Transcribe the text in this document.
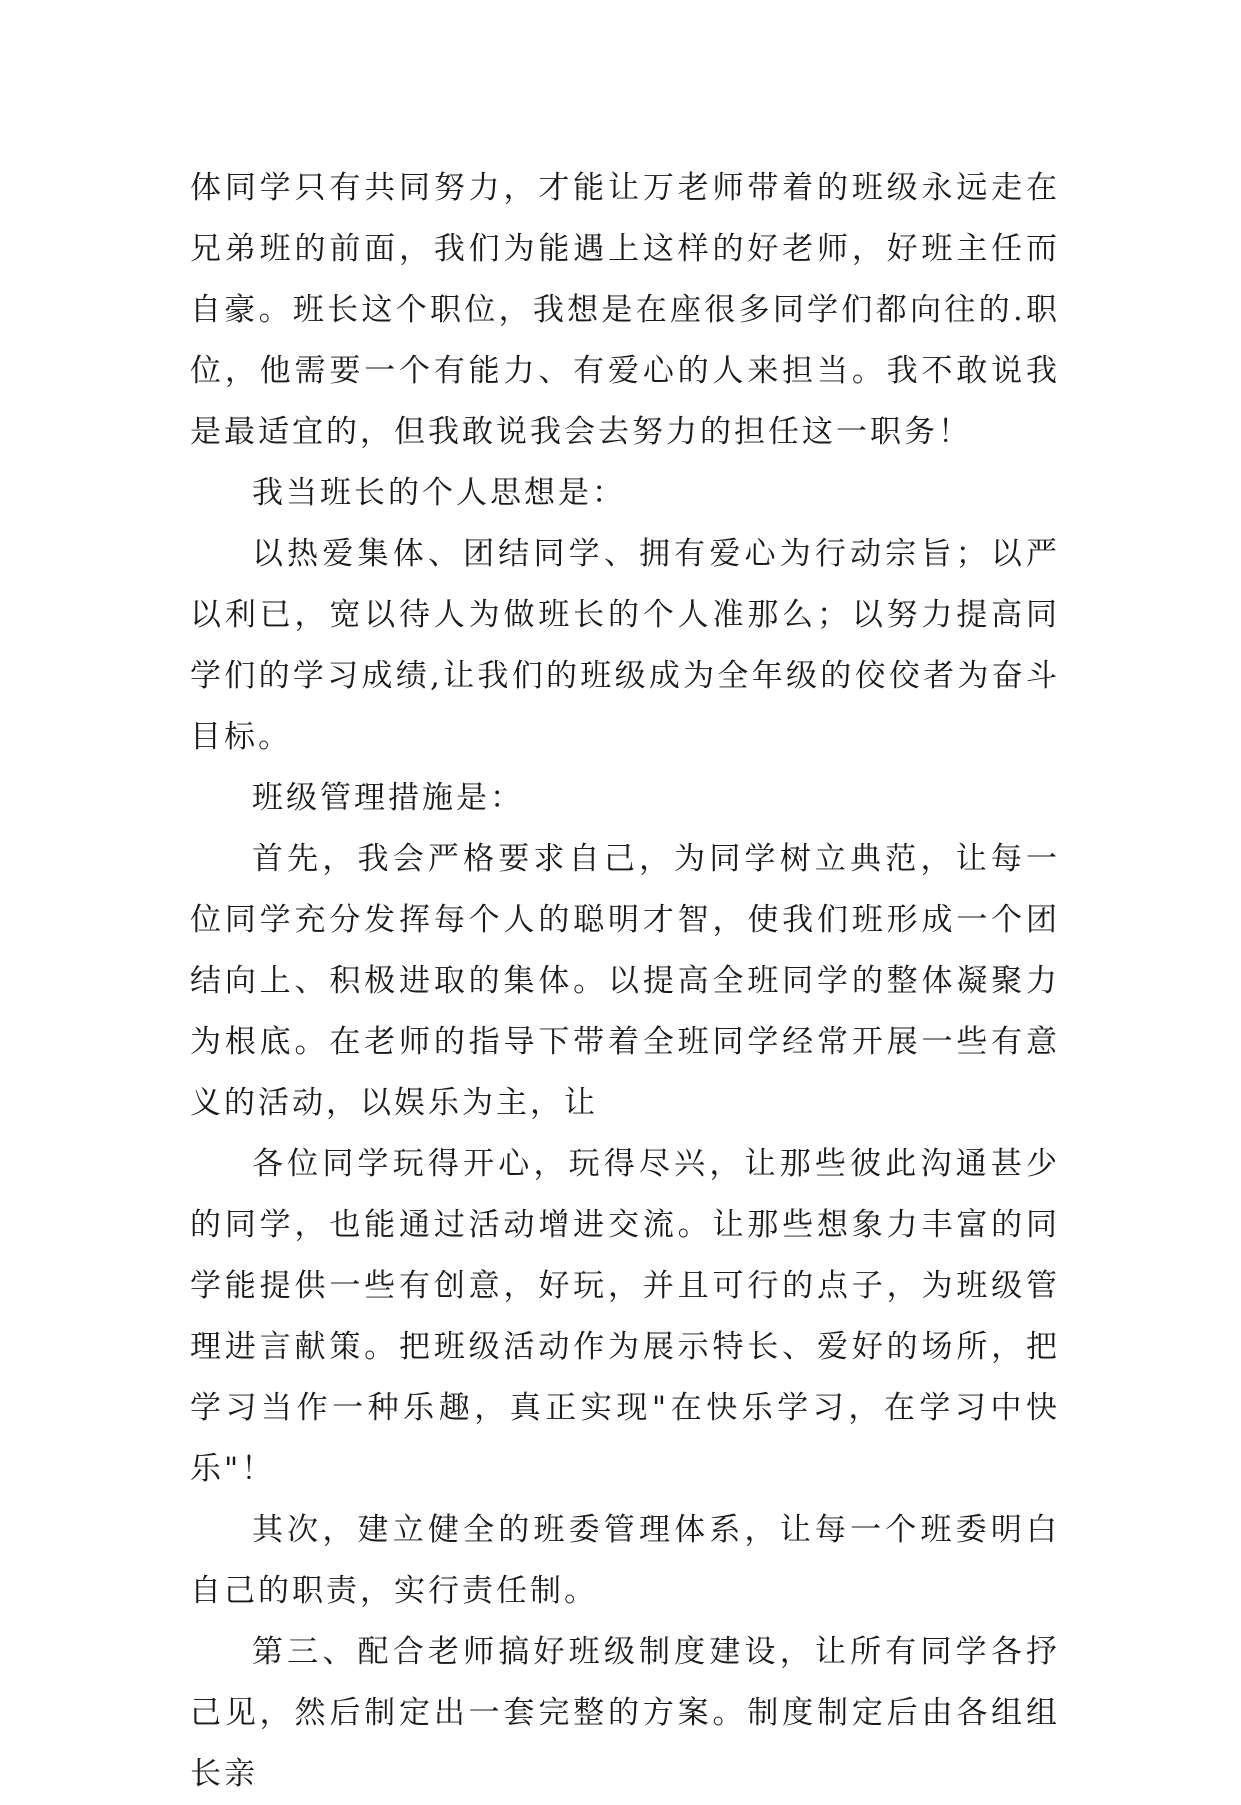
体同学只有共同努力，才能让万老师带着的班级永远走在兄弟班的前面，我们为能遇上这样的好老师，好班主任而自豪。班长这个职位，我想是在座很多同学们都向往的.职位，他需要一个有能力、有爱心的人来担当。我不敢说我是最适宜的，但我敢说我会去努力的担任这一职务！

我当班长的个人思想是：

以热爱集体、团结同学、拥有爱心为行动宗旨；以严以利已，宽以待人为做班长的个人准那么；以努力提高同学们的学习成绩,让我们的班级成为全年级的佼佼者为奋斗目标。

班级管理措施是：

首先，我会严格要求自己，为同学树立典范，让每一位同学充分发挥每个人的聪明才智，使我们班形成一个团结向上、积极进取的集体。以提高全班同学的整体凝聚力为根底。在老师的指导下带着全班同学经常开展一些有意义的活动，以娱乐为主，让

各位同学玩得开心，玩得尽兴，让那些彼此沟通甚少的同学，也能通过活动增进交流。让那些想象力丰富的同学能提供一些有创意，好玩，并且可行的点子，为班级管理进言献策。把班级活动作为展示特长、爱好的场所，把学习当作一种乐趣，真正实现"在快乐学习，在学习中快乐"！

其次，建立健全的班委管理体系，让每一个班委明白自己的职责，实行责任制。

第三、配合老师搞好班级制度建设，让所有同学各抒己见，然后制定出一套完整的方案。制度制定后由各组组长亲
